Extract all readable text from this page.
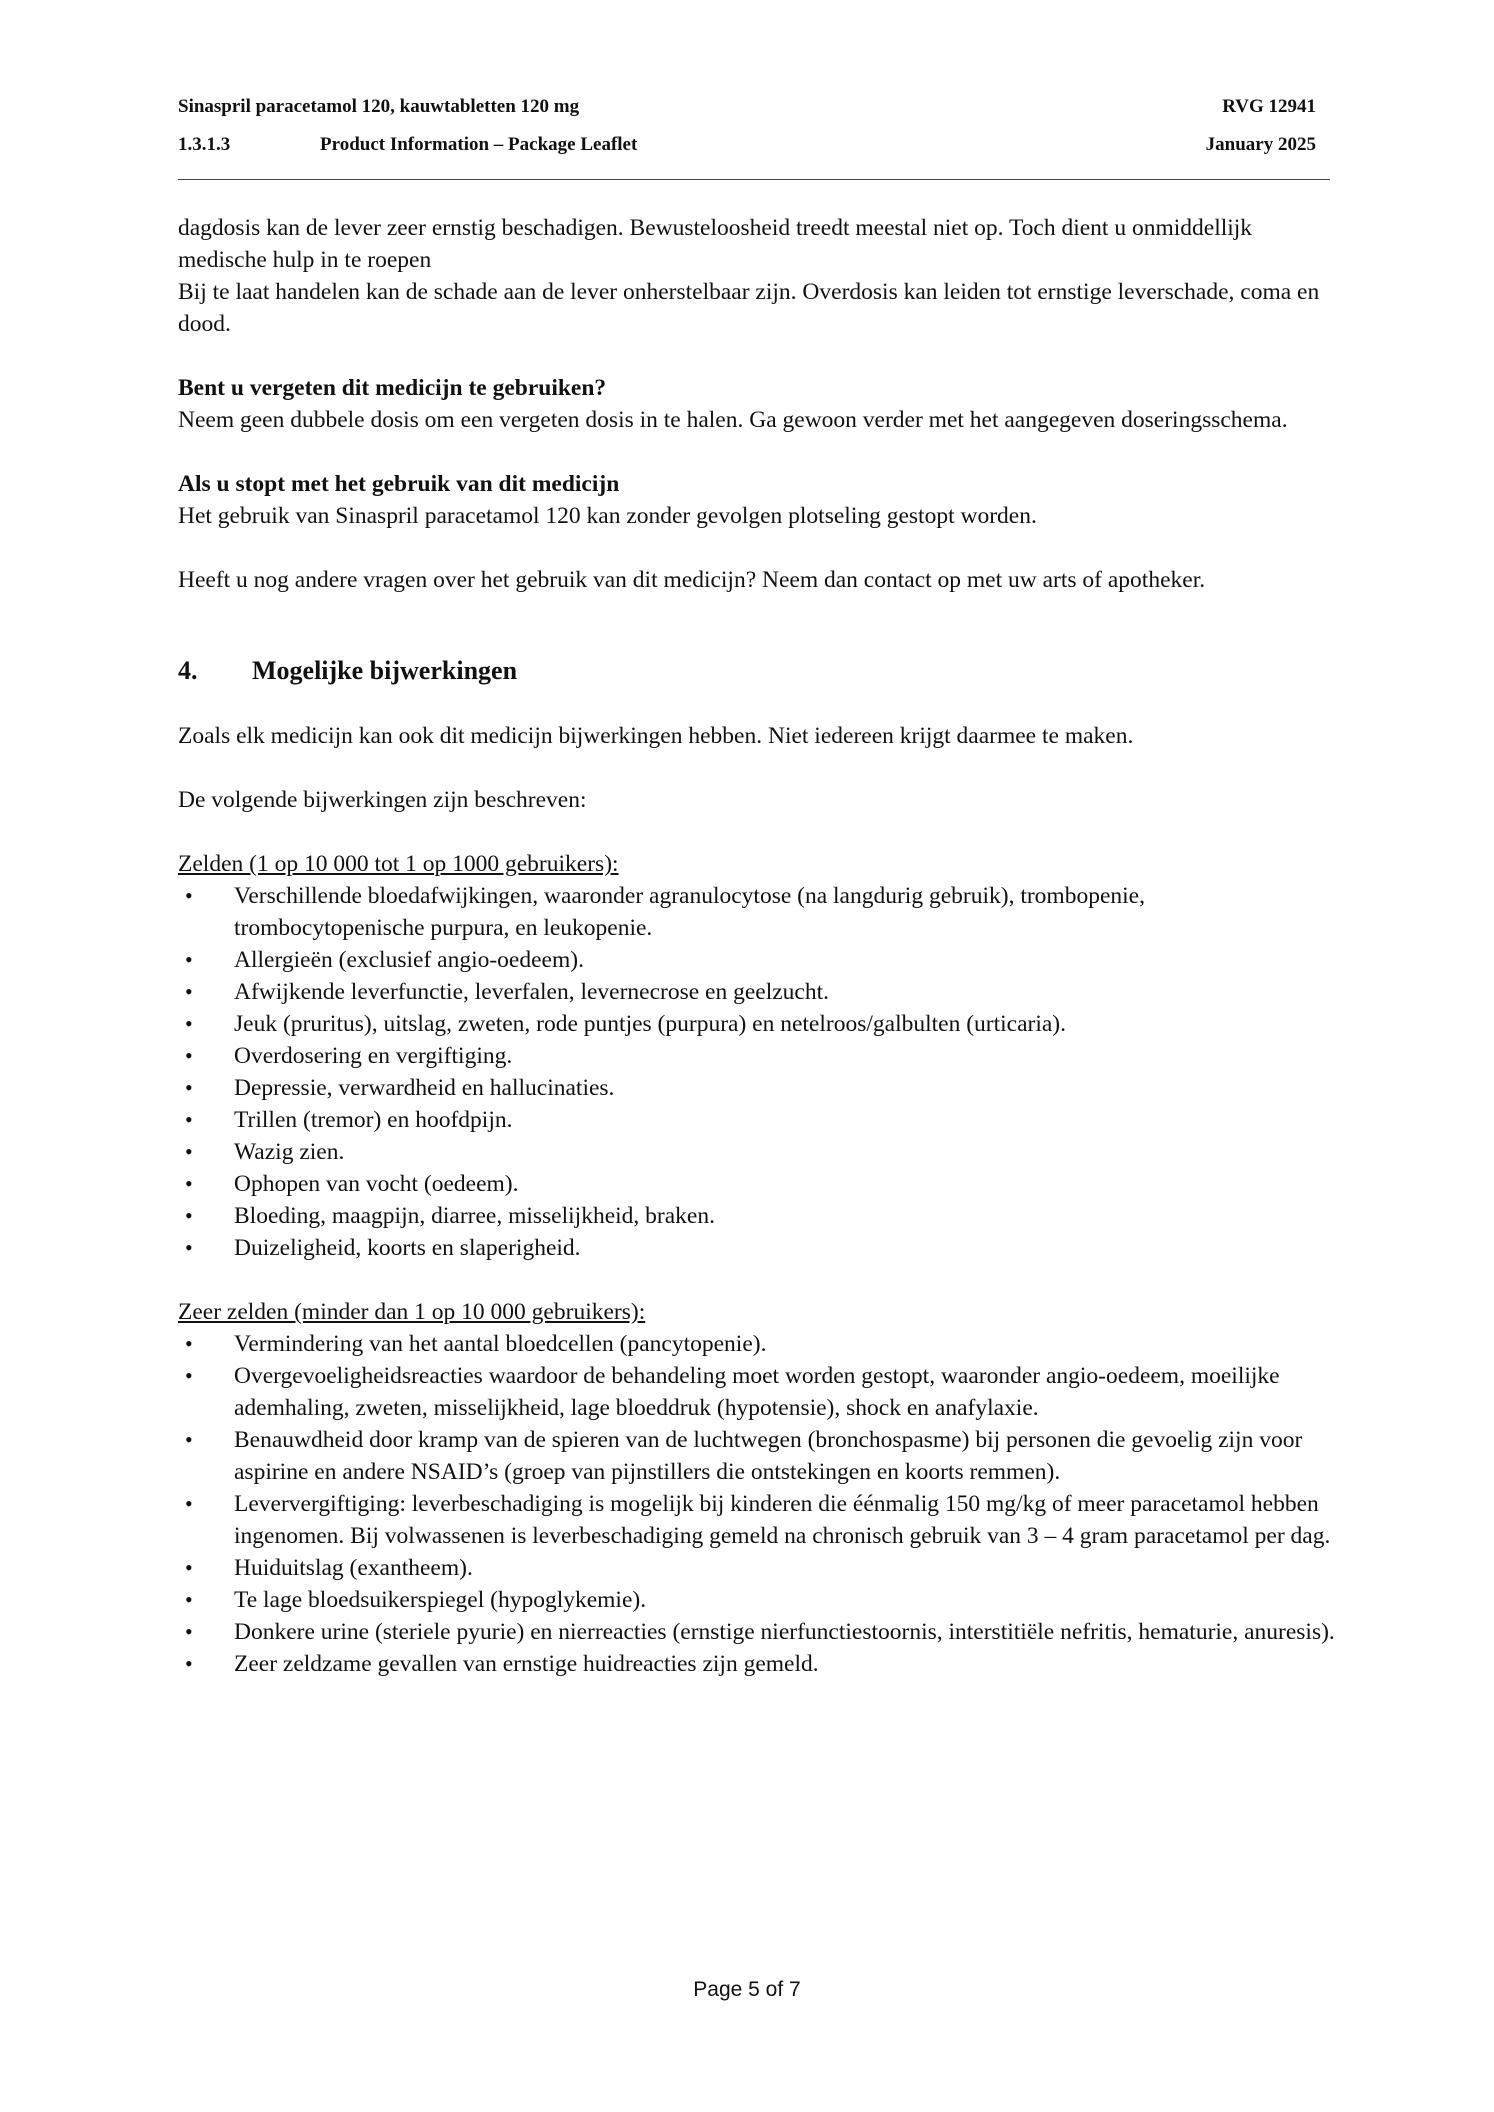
Sinaspril paracetamol 120, kauwtabletten 120 mg	RVG 12941
1.3.1.3	Product Information – Package Leaflet	January 2025

dagdosis kan de lever zeer ernstig beschadigen. Bewusteloosheid treedt meestal niet op. Toch dient u onmiddellijk medische hulp in te roepen

Bij te laat handelen kan de schade aan de lever onherstelbaar zijn. Overdosis kan leiden tot ernstige leverschade, coma en dood.

Bent u vergeten dit medicijn te gebruiken?

Neem geen dubbele dosis om een vergeten dosis in te halen. Ga gewoon verder met het aangegeven doseringsschema.

Als u stopt met het gebruik van dit medicijn

Het gebruik van Sinaspril paracetamol 120 kan zonder gevolgen plotseling gestopt worden.

Heeft u nog andere vragen over het gebruik van dit medicijn? Neem dan contact op met uw arts of apotheker.

4.	Mogelijke bijwerkingen

Zoals elk medicijn kan ook dit medicijn bijwerkingen hebben. Niet iedereen krijgt daarmee te maken.

De volgende bijwerkingen zijn beschreven:

Zelden (1 op 10 000 tot 1 op 1000 gebruikers):

• Verschillende bloedafwijkingen, waaronder agranulocytose (na langdurig gebruik), trombopenie, trombocytopenische purpura, en leukopenie.
• Allergieën (exclusief angio-oedeem).
• Afwijkende leverfunctie, leverfalen, levernecrose en geelzucht.
• Jeuk (pruritus), uitslag, zweten, rode puntjes (purpura) en netelroos/galbulten (urticaria).
• Overdosering en vergiftiging.
• Depressie, verwardheid en hallucinaties.
• Trillen (tremor) en hoofdpijn.
• Wazig zien.
• Ophopen van vocht (oedeem).
• Bloeding, maagpijn, diarree, misselijkheid, braken.
• Duizeligheid, koorts en slaperigheid.

Zeer zelden (minder dan 1 op 10 000 gebruikers):

• Vermindering van het aantal bloedcellen (pancytopenie).
• Overgevoeligheidsreacties waardoor de behandeling moet worden gestopt, waaronder angio-oedeem, moeilijke ademhaling, zweten, misselijkheid, lage bloeddruk (hypotensie), shock en anafylaxie.
• Benauwdheid door kramp van de spieren van de luchtwegen (bronchospasme) bij personen die gevoelig zijn voor aspirine en andere NSAID’s (groep van pijnstillers die ontstekingen en koorts remmen).
• Leververgiftiging: leverbeschadiging is mogelijk bij kinderen die éénmalig 150 mg/kg of meer paracetamol hebben ingenomen. Bij volwassenen is leverbeschadiging gemeld na chronisch gebruik van 3 – 4 gram paracetamol per dag.
• Huiduitslag (exantheem).
• Te lage bloedsuikerspiegel (hypoglykemie).
• Donkere urine (steriele pyurie) en nierreacties (ernstige nierfunctiestoornis, interstitiële nefritis, hematurie, anuresis).
• Zeer zeldzame gevallen van ernstige huidreacties zijn gemeld.
Page 5 of 7
